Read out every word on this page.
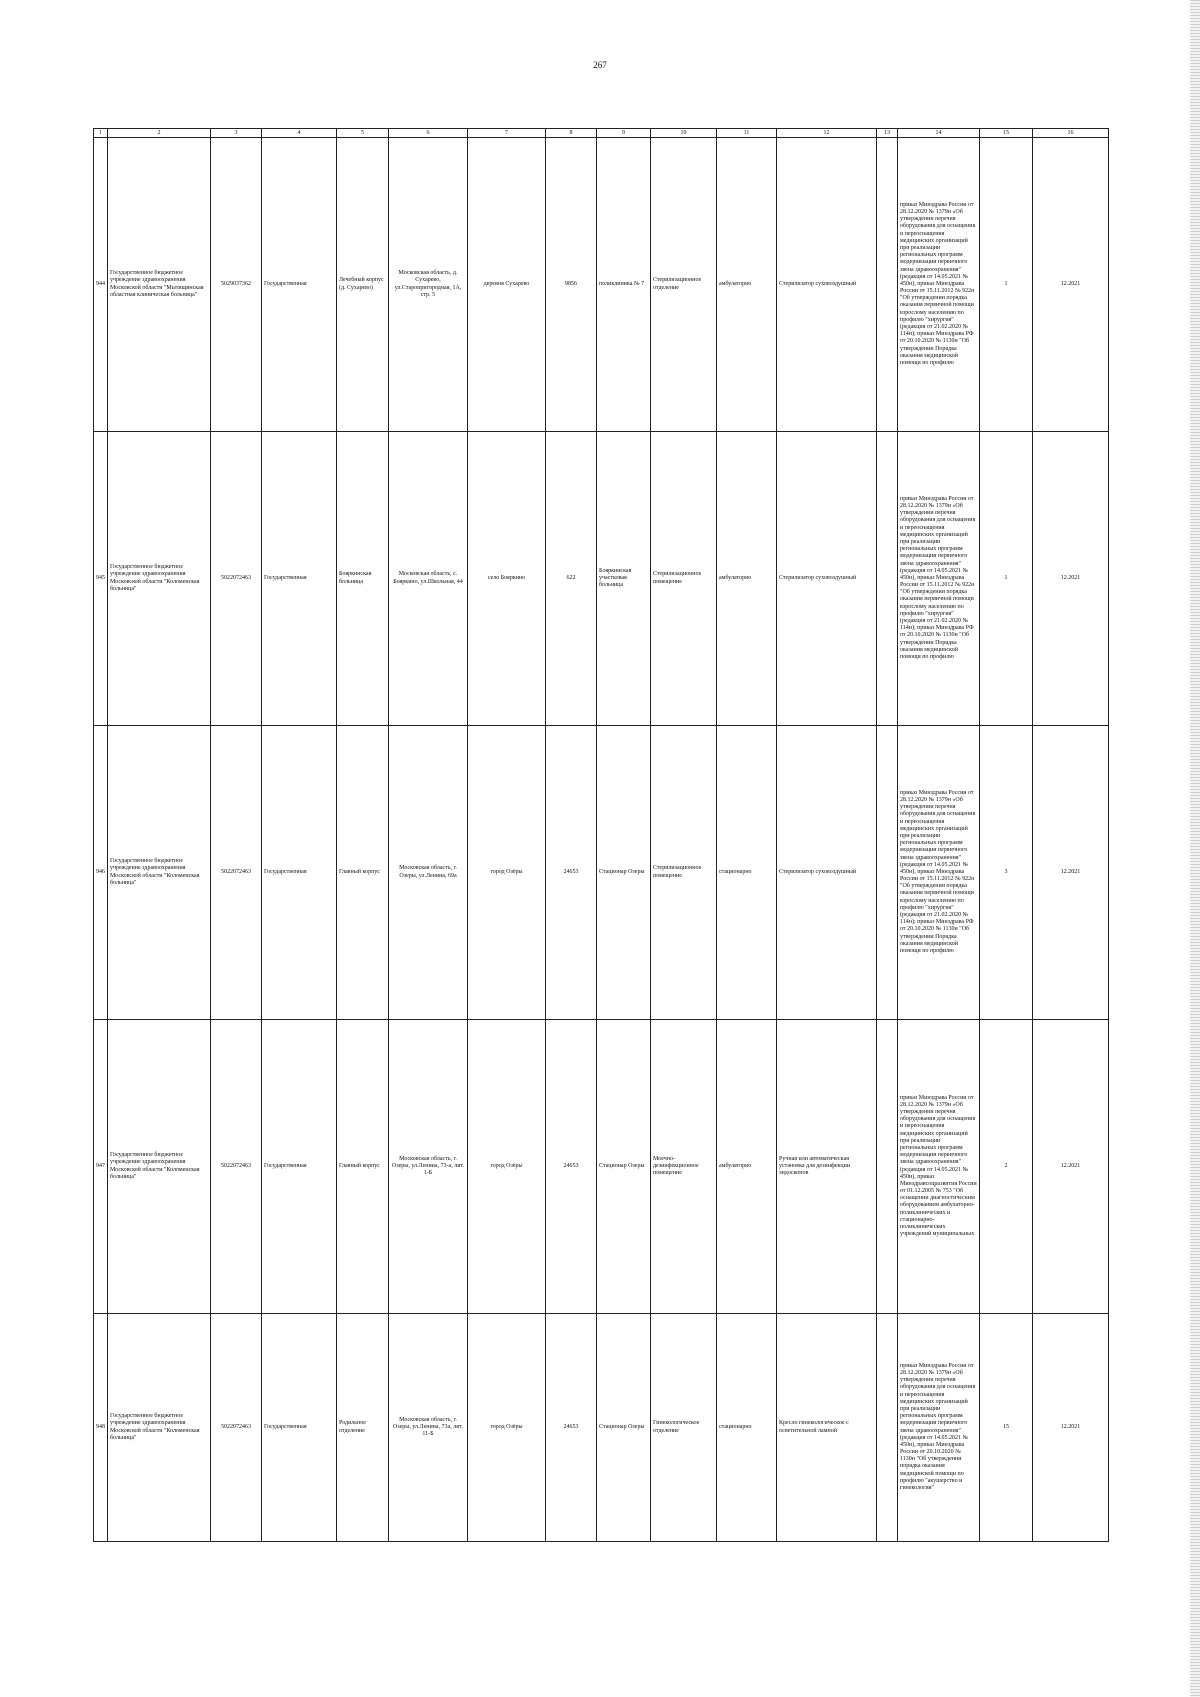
267
1	2	3	4	5	6	7	8	9	10	11	12	13	14	15	16
944	Государственное бюджетное учреждение здравоохранения Московской области "Мытищинская областная клиническая больница"	5029037362	Государственная	Лечебный корпус (д. Сухарево)	Московская область, д. Сухарево, ул.Старопригородная, 1А, стр. 5	деревня Сухарево	9856	поликлиника № 7	Стерилизационное отделение	амбулаторно	Стерилизатор суховоздушный		приказ Минздрава России от 28.12.2020 № 1379н «Об утверждении перечня оборудования для оснащения и переоснащения медицинских организаций при реализации региональных программ модернизации первичного звена здравоохранения"(редакция от 14.05.2021 № 450н), приказ Минздрава России от 15.11.2012 № 922н "Об утверждении порядка оказания первичной помощи взрослому населению по профилю "хирургия" (редакция от 21.02.2020 № 114н); приказ Минздрава РФ от 20.10.2020 № 1130н "Об утверждении Порядка оказания медицинской помощи по профилю	1	12.2021
945	Государственное бюджетное учреждение здравоохранения Московской области "Коломенская больница"	5022072463	Государственная	Бояркинская больница	Московская область, с. Бояркино, ул.Школьная, 44	село Бояркино	622	Бояркинская участковая больница	Стерилизационное помещение	амбулаторно	Стерилизатор суховоздушный		приказ Минздрава России от 28.12.2020 № 1379н «Об утверждении перечня оборудования для оснащения и переоснащения медицинских организаций при реализации региональных программ модернизации первичного звена здравоохранения"(редакция от 14.05.2021 № 450н), приказ Минздрава России от 15.11.2012 № 922н "Об утверждении порядка оказания первичной помощи взрослому населению по профилю "хирургия" (редакция от 21.02.2020 № 114н); приказ Минздрава РФ от 20.10.2020 № 1130н "Об утверждении Порядка оказания медицинской помощи по профилю	1	12.2021
946	Государственное бюджетное учреждение здравоохранения Московской области "Коломенская больница"	5022072463	Государственная	Главный корпус	Московская область, г. Озеры, ул.Ленина, 69а	город Озёры	24653	Стационар Озеры	Стерилизационное помещение	стационарно	Стерилизатор суховоздушный		приказ Минздрава России от 28.12.2020 № 1379н «Об утверждении перечня оборудования для оснащения и переоснащения медицинских организаций при реализации региональных программ модернизации первичного звена здравоохранения"(редакция от 14.05.2021 № 450н), приказ Минздрава России от 15.11.2012 № 922н "Об утверждении порядка оказания первичной помощи взрослому населению по профилю "хирургия" (редакция от 21.02.2020 № 114н); приказ Минздрава РФ от 20.10.2020 № 1130н "Об утверждении Порядка оказания медицинской помощи по профилю	3	12.2021
947	Государственное бюджетное учреждение здравоохранения Московской области "Коломенская больница"	5022072463	Государственная	Главный корпус	Московская область, г. Озеры, ул.Ленина, 73-а, лит. 1-Б	город Озёры	24653	Стационар Озеры	Моечно-дезинфекционное помещение	амбулаторно	Ручная или автоматическая установка для дезинфекции эндоскопов		приказ Минздрава России от 28.12.2020 № 1379н «Об утверждении перечня оборудования для оснащения и переоснащения медицинских организаций при реализации региональных программ модернизации первичного звена здравоохранения"(редакция от 14.05.2021 № 450н), приказ Минздравсоцразвития России от 01.12.2005 № 753 "Об оснащении диагностическим оборудованием амбулаторно-поликлинических и стационарно-поликлинических учреждений муниципальных	2	12.2021
948	Государственное бюджетное учреждение здравоохранения Московской области "Коломенская больница"	5022072463	Государственная	Родильное отделение	Московская область, г. Озеры, ул.Ленина, 73а, лит. 11-Б	город Озёры	24653	Стационар Озеры	Гинекологическое отделение	стационарно	Кресло гинекологическое с осветительной лампой		приказ Минздрава России от 28.12.2020 № 1379н «Об утверждении перечня оборудования для оснащения и переоснащения медицинских организаций при реализации региональных программ модернизации первичного звена здравоохранения"(редакция от 14.05.2021 № 450н), приказ Минздрава России от 20.10.2020 № 1130н "Об утверждении порядка оказания медицинской помощи по профилю "акушерство и гинекология"	15	12.2021
